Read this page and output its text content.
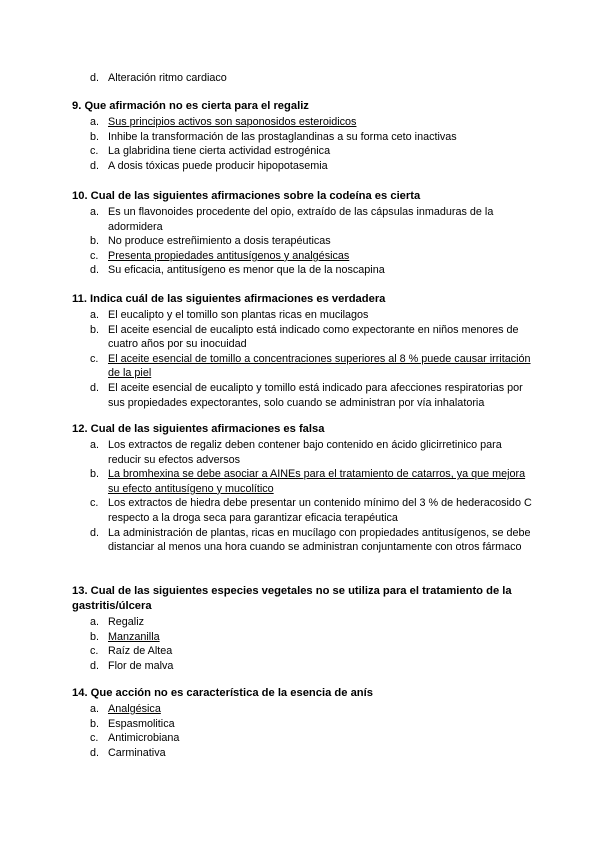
d. Alteración ritmo cardiaco
9. Que afirmación no es cierta para el regaliz
a. Sus principios activos son saponosidos esteroidicos
b. Inhibe la transformación de las prostaglandinas a su forma ceto inactivas
c. La glabridina tiene cierta actividad estrogénica
d. A dosis tóxicas puede producir hipopotasemia
10. Cual de las siguientes afirmaciones sobre la codeína es cierta
a. Es un flavonoides procedente del opio, extraído de las cápsulas inmaduras de la adormidera
b. No produce estreñimiento a dosis terapéuticas
c. Presenta propiedades antitusígenos y analgésicas
d. Su eficacia, antitusígeno es menor que la de la noscapina
11. Indica cuál de las siguientes afirmaciones es verdadera
a. El eucalipto y el tomillo son plantas ricas en mucilagos
b. El aceite esencial de eucalipto está indicado como expectorante en niños menores de cuatro años por su inocuidad
c. El aceite esencial de tomillo a concentraciones superiores al 8 % puede causar irritación de la piel
d. El aceite esencial de eucalipto y tomillo está indicado para afecciones respiratorias por sus propiedades expectorantes, solo cuando se administran por vía inhalatoria
12. Cual de las siguientes afirmaciones es falsa
a. Los extractos de regaliz deben contener bajo contenido en ácido glicirretinico para reducir su efectos adversos
b. La bromhexina se debe asociar a AINEs para el tratamiento de catarros, ya que mejora su efecto antitusígeno y mucolítico
c. Los extractos de hiedra debe presentar un contenido mínimo del 3 % de hederacosido C respecto a la droga seca para garantizar eficacia terapéutica
d. La administración de plantas, ricas en mucílago con propiedades antitusígenos, se debe distanciar al menos una hora cuando se administran conjuntamente con otros fármaco
13. Cual de las siguientes especies vegetales no se utiliza para el tratamiento de la gastritis/úlcera
a. Regaliz
b. Manzanilla
c. Raíz de Altea
d. Flor de malva
14. Que acción no es característica de la esencia de anís
a. Analgésica
b. Espasmolitica
c. Antimicrobiana
d. Carminativa
